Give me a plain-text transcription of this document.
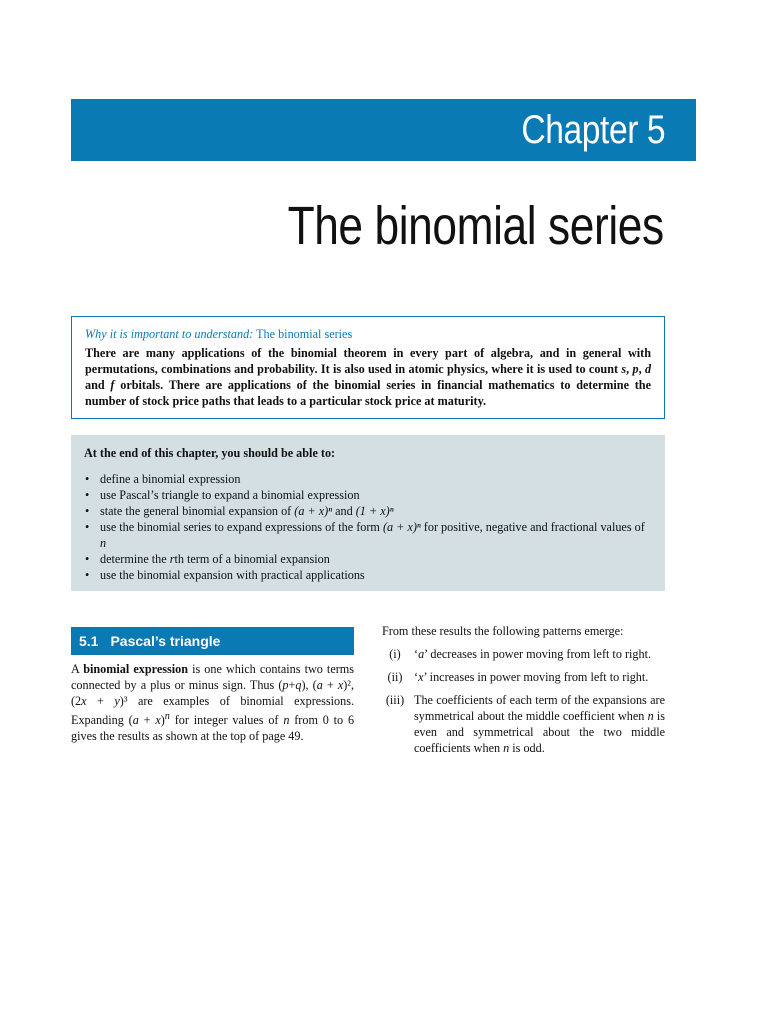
Chapter 5
The binomial series
Why it is important to understand: The binomial series
There are many applications of the binomial theorem in every part of algebra, and in general with permutations, combinations and probability. It is also used in atomic physics, where it is used to count s, p, d and f orbitals. There are applications of the binomial series in financial mathematics to determine the number of stock price paths that leads to a particular stock price at maturity.
At the end of this chapter, you should be able to:
• define a binomial expression
• use Pascal’s triangle to expand a binomial expression
• state the general binomial expansion of (a + x)ⁿ and (1 + x)ⁿ
• use the binomial series to expand expressions of the form (a + x)ⁿ for positive, negative and fractional values of n
• determine the rth term of a binomial expansion
• use the binomial expansion with practical applications
5.1 Pascal’s triangle
A binomial expression is one which contains two terms connected by a plus or minus sign. Thus (p+q), (a + x)², (2x + y)³ are examples of binomial expressions. Expanding $(a + x)^n$ for integer values of n from 0 to 6 gives the results as shown at the top of page 49.
From these results the following patterns emerge:
(i)	‘a’ decreases in power moving from left to right.
(ii) ‘x’ increases in power moving from left to right.
(iii) The coefficients of each term of the expansions are symmetrical about the middle coefficient when n is even and symmetrical about the two middle coefficients when n is odd.
